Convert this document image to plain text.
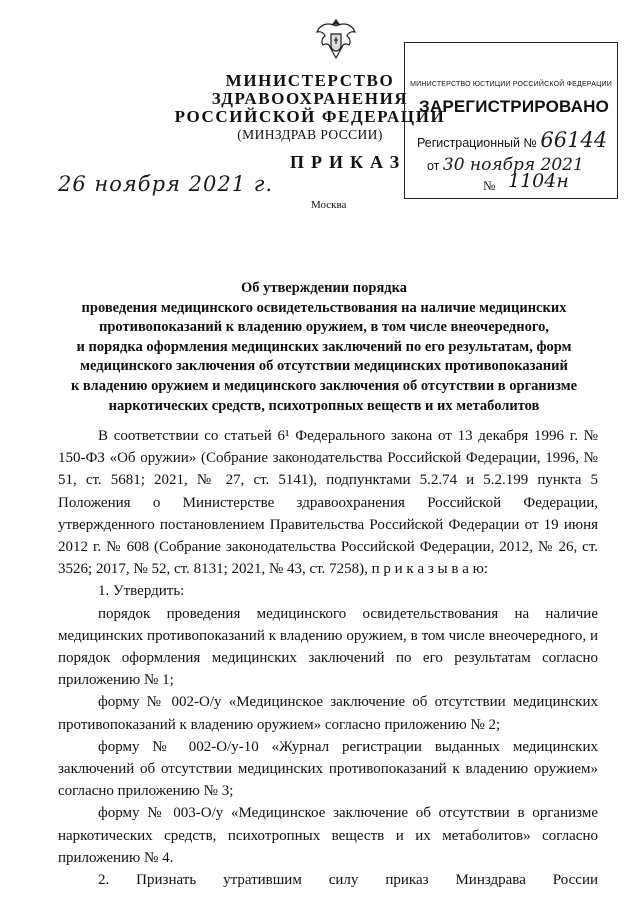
МИНИСТЕРСТВО ЗДРАВООХРАНЕНИЯ
РОССИЙСКОЙ ФЕДЕРАЦИИ
(МИНЗДРАВ РОССИИ)
МИНИСТЕРСТВО ЮСТИЦИИ РОССИЙСКОЙ ФЕДЕРАЦИИ
ЗАРЕГИСТРИРОВАНО
Регистрационный № 66144
от 30 ноября 2021
ПРИКАЗ
26 ноября 2021 г.	№ 1104н
Москва
Об утверждении порядка
проведения медицинского освидетельствования на наличие медицинских
противопоказаний к владению оружием, в том числе внеочередного,
и порядка оформления медицинских заключений по его результатам, форм
медицинского заключения об отсутствии медицинских противопоказаний
к владению оружием и медицинского заключения об отсутствии в организме
наркотических средств, психотропных веществ и их метаболитов

В соответствии со статьей 6¹ Федерального закона от 13 декабря 1996 г. № 150-ФЗ «Об оружии» (Собрание законодательства Российской Федерации, 1996, № 51, ст. 5681; 2021, № 27, ст. 5141), подпунктами 5.2.74 и 5.2.199 пункта 5 Положения о Министерстве здравоохранения Российской Федерации, утвержденного постановлением Правительства Российской Федерации от 19 июня 2012 г. № 608 (Собрание законодательства Российской Федерации, 2012, № 26, ст. 3526; 2017, № 52, ст. 8131; 2021, № 43, ст. 7258), п р и к а з ы в а ю:

1. Утвердить:

порядок проведения медицинского освидетельствования на наличие медицинских противопоказаний к владению оружием, в том числе внеочередного, и порядок оформления медицинских заключений по его результатам согласно приложению № 1;

форму № 002-О/у «Медицинское заключение об отсутствии медицинских противопоказаний к владению оружием» согласно приложению № 2;

форму № 002-О/у-10 «Журнал регистрации выданных медицинских заключений об отсутствии медицинских противопоказаний к владению оружием» согласно приложению № 3;

форму № 003-О/у «Медицинское заключение об отсутствии в организме наркотических средств, психотропных веществ и их метаболитов» согласно приложению № 4.

2. Признать утратившим силу приказ Минздрава России
